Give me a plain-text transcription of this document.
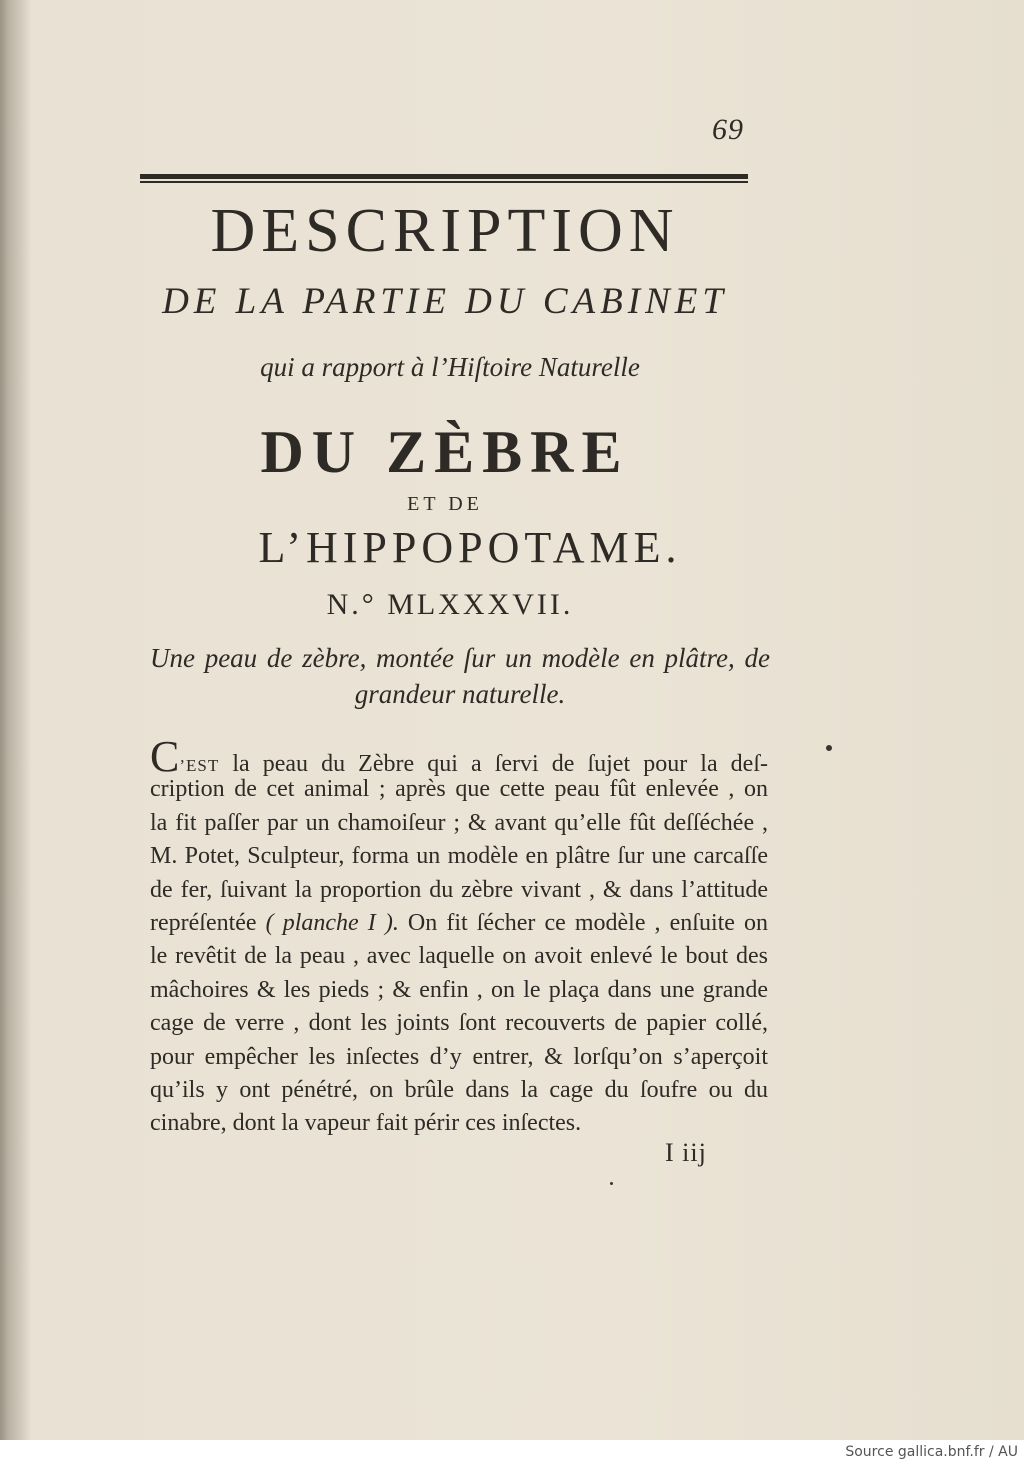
69
DESCRIPTION
DE LA PARTIE DU CABINET
qui a rapport à l’Hiſtoire Naturelle
DU ZÈBRE
ET DE
L’HIPPOPOTAME.
N.° MLXXXVII.
Une peau de zèbre, montée ſur un modèle en plâtre, de
grandeur naturelle.
C’EST la peau du Zèbre qui a ſervi de ſujet pour la deſ-
cription de cet animal ; après que cette peau fût enlevée , on
la fit paſſer par un chamoiſeur ; & avant qu’elle fût deſſéchée ,
M. Potet, Sculpteur, forma un modèle en plâtre ſur une carcaſſe
de fer, ſuivant la proportion du zèbre vivant , & dans l’attitude
repréſentée ( planche I ). On fit ſécher ce modèle , enſuite on
le revêtit de la peau , avec laquelle on avoit enlevé le bout des
mâchoires & les pieds ; & enfin , on le plaça dans une grande
cage de verre , dont les joints ſont recouverts de papier collé,
pour empêcher les inſectes d’y entrer, & lorſqu’on s’aperçoit
qu’ils y ont pénétré, on brûle dans la cage du ſoufre ou du
cinabre, dont la vapeur fait périr ces inſectes.
I iij
Source gallica.bnf.fr / AU
